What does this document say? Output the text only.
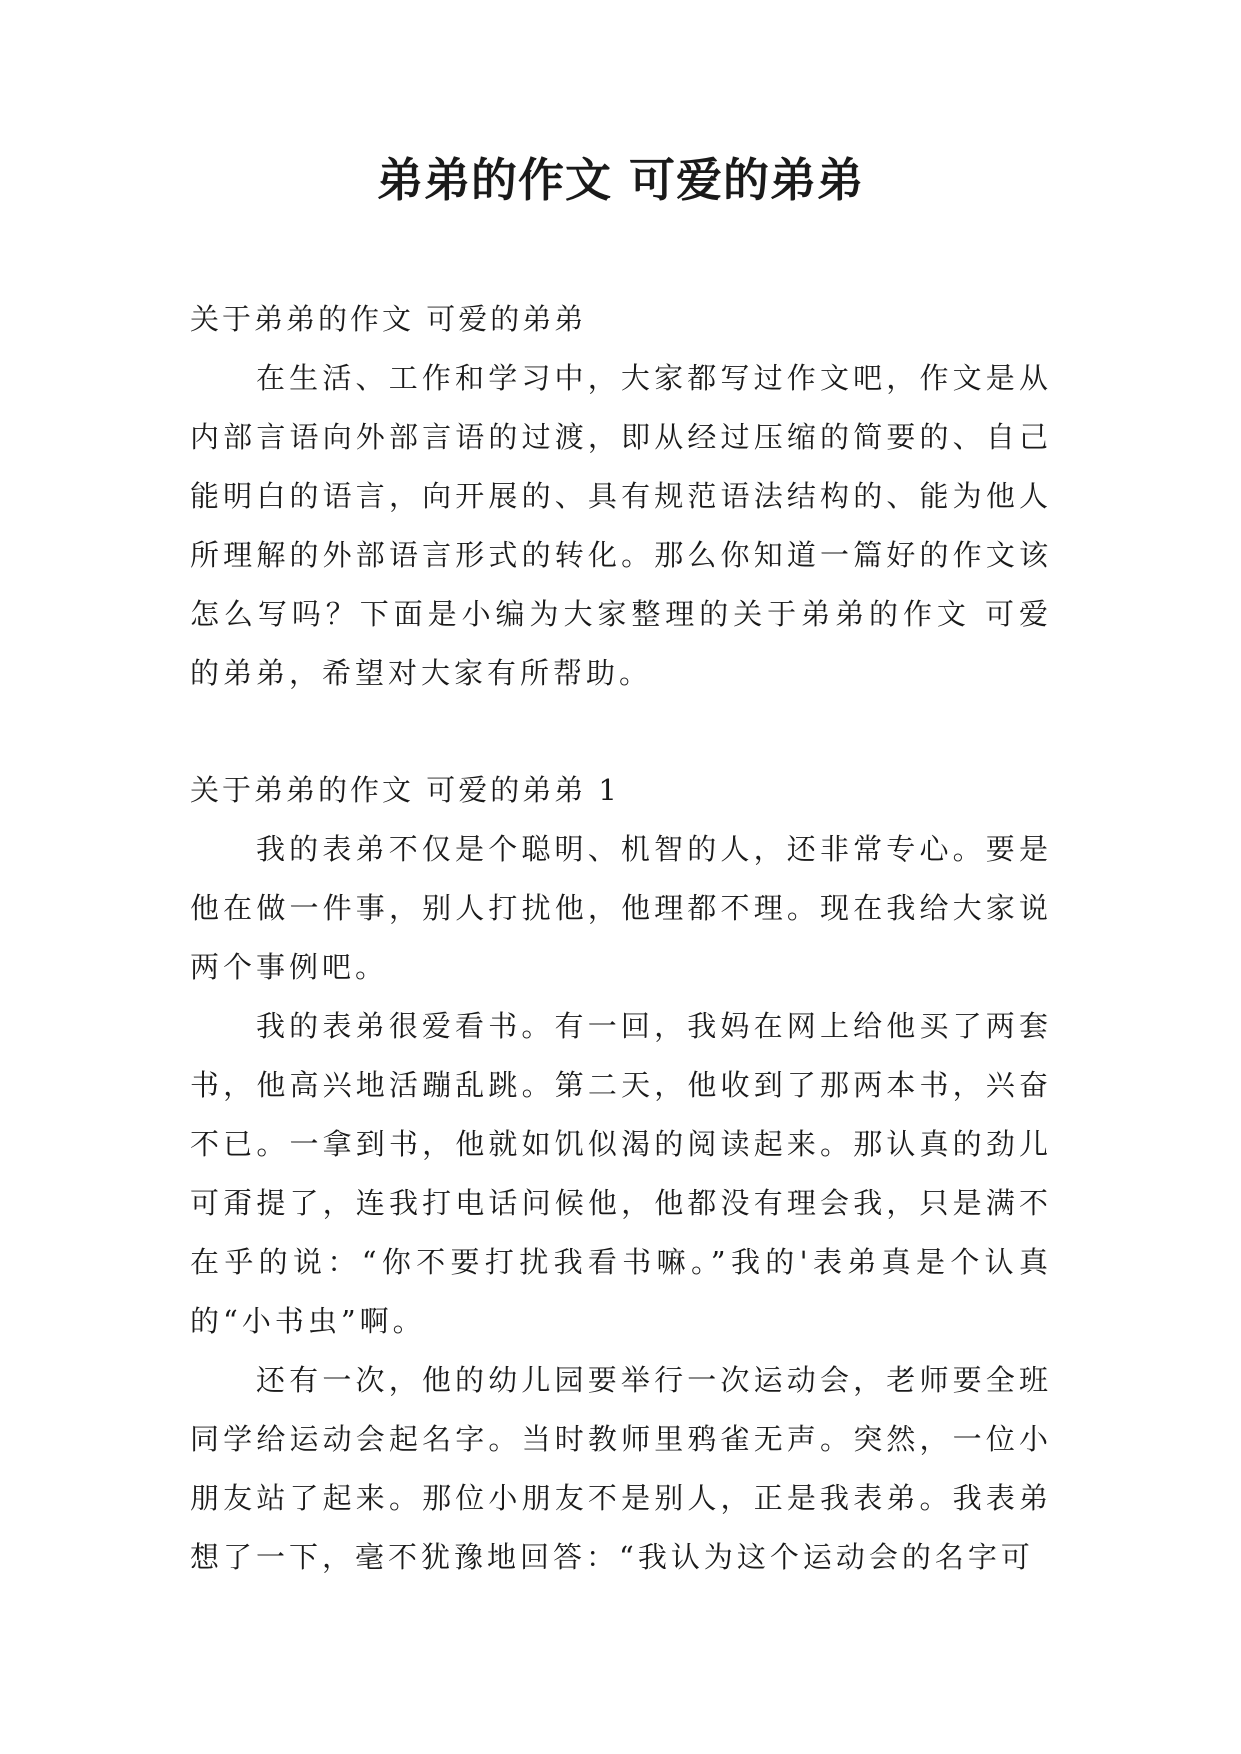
弟弟的作文 可爱的弟弟

关于弟弟的作文 可爱的弟弟

在生活、工作和学习中，大家都写过作文吧，作文是从内部言语向外部言语的过渡，即从经过压缩的简要的、自己能明白的语言，向开展的、具有规范语法结构的、能为他人所理解的外部语言形式的转化。那么你知道一篇好的作文该怎么写吗？下面是小编为大家整理的关于弟弟的作文 可爱的弟弟，希望对大家有所帮助。

关于弟弟的作文 可爱的弟弟 1

我的表弟不仅是个聪明、机智的人，还非常专心。要是他在做一件事，别人打扰他，他理都不理。现在我给大家说两个事例吧。

我的表弟很爱看书。有一回，我妈在网上给他买了两套书，他高兴地活蹦乱跳。第二天，他收到了那两本书，兴奋不已。一拿到书，他就如饥似渴的阅读起来。那认真的劲儿可甭提了，连我打电话问候他，他都没有理会我，只是满不在乎的说：“你不要打扰我看书嘛。”我的'表弟真是个认真的“小书虫”啊。

还有一次，他的幼儿园要举行一次运动会，老师要全班同学给运动会起名字。当时教师里鸦雀无声。突然，一位小朋友站了起来。那位小朋友不是别人，正是我表弟。我表弟想了一下，毫不犹豫地回答：“我认为这个运动会的名字可
